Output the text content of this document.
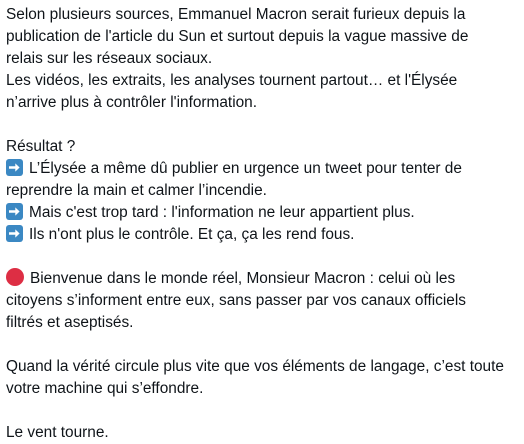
Selon plusieurs sources, Emmanuel Macron serait furieux depuis la
publication de l'article du Sun et surtout depuis la vague massive de
relais sur les réseaux sociaux.
Les vidéos, les extraits, les analyses tournent partout… et l'Élysée
n’arrive plus à contrôler l'information.

Résultat ?
L’Élysée a même dû publier en urgence un tweet pour tenter de
reprendre la main et calmer l’incendie.
Mais c'est trop tard : l'information ne leur appartient plus.
Ils n'ont plus le contrôle. Et ça, ça les rend fous.

Bienvenue dans le monde réel, Monsieur Macron : celui où les
citoyens s’informent entre eux, sans passer par vos canaux officiels
filtrés et aseptisés.

Quand la vérité circule plus vite que vos éléments de langage, c’est toute
votre machine qui s’effondre.

Le vent tourne.
